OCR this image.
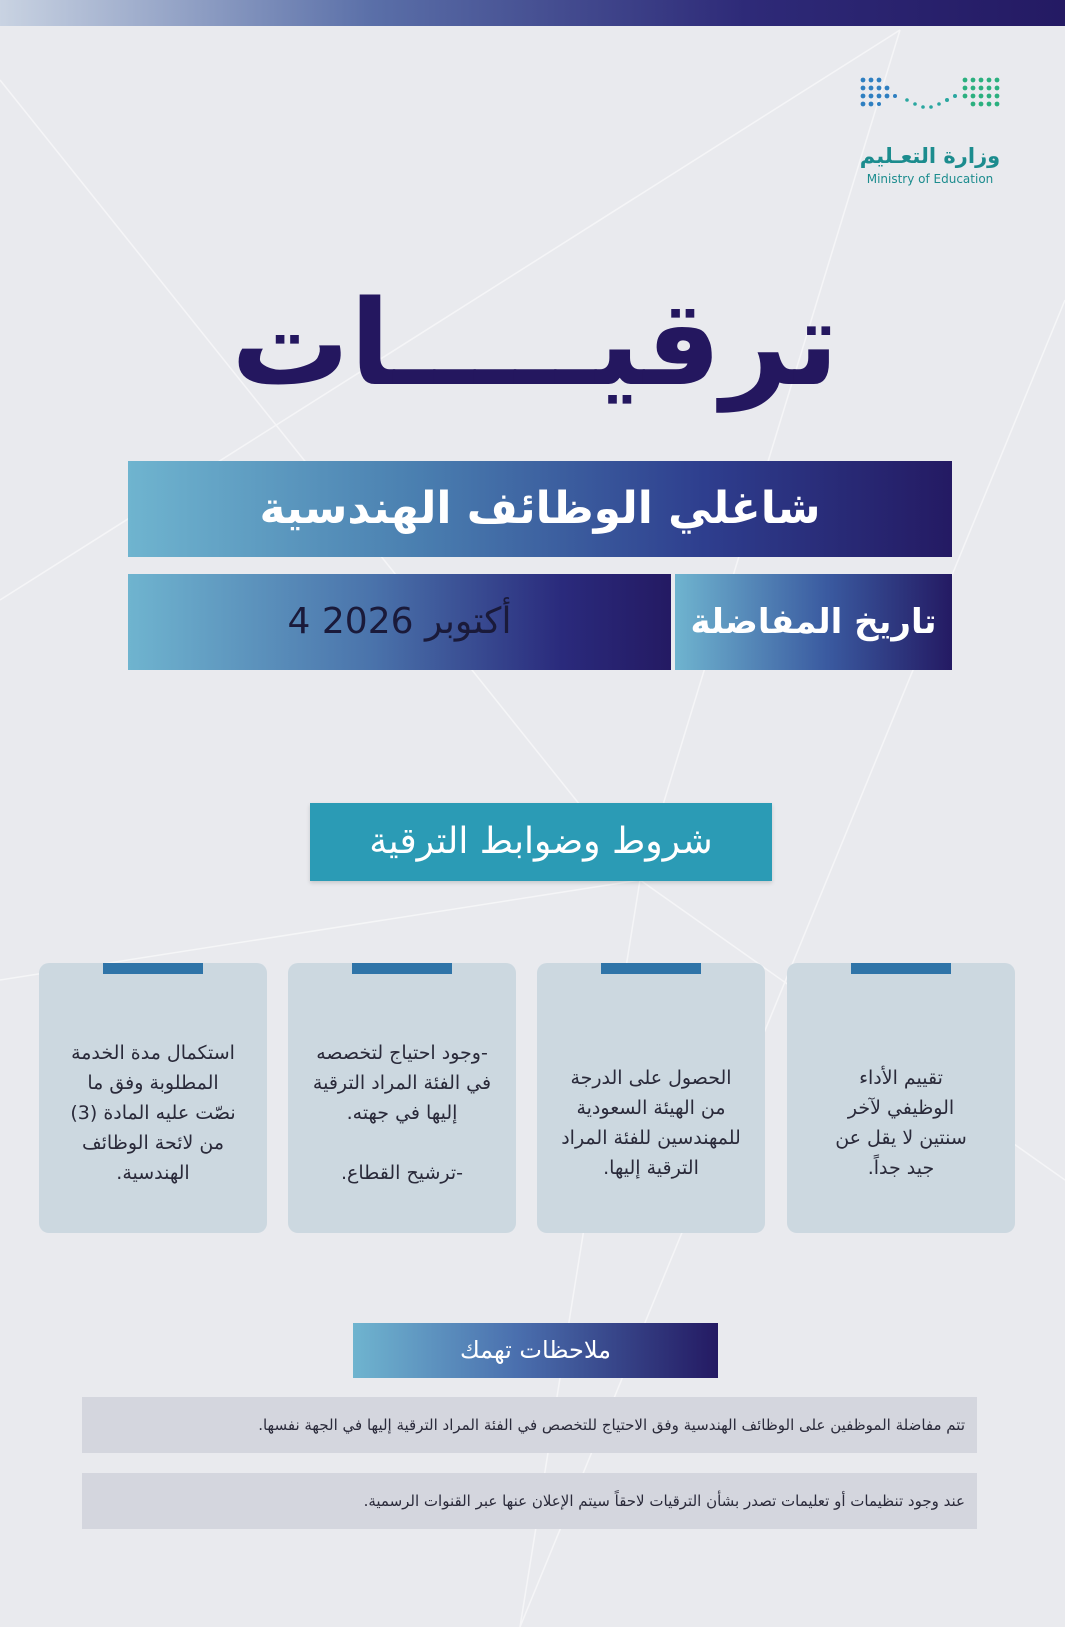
وزارة التعـليم
Ministry of Education
ترقيـــــات
شاغلي الوظائف الهندسية
4 أكتوبر 2026	تاريخ المفاضلة
شروط وضوابط الترقية
تقييم الأداء
الوظيفي لآخر
سنتين لا يقل عن
جيد جداً.
الحصول على الدرجة
من الهيئة السعودية
للمهندسين للفئة المراد
الترقية إليها.
-وجود احتياج لتخصصه
في الفئة المراد الترقية
إليها في جهته.

-ترشيح القطاع.
استكمال مدة الخدمة
المطلوبة وفق ما
نصّت عليه المادة (3)
من لائحة الوظائف
الهندسية.
ملاحظات تهمك
تتم مفاضلة الموظفين على الوظائف الهندسية وفق الاحتياج للتخصص في الفئة المراد الترقية إليها في الجهة نفسها.
عند وجود تنظيمات أو تعليمات تصدر بشأن الترقيات لاحقاً سيتم الإعلان عنها عبر القنوات الرسمية.
